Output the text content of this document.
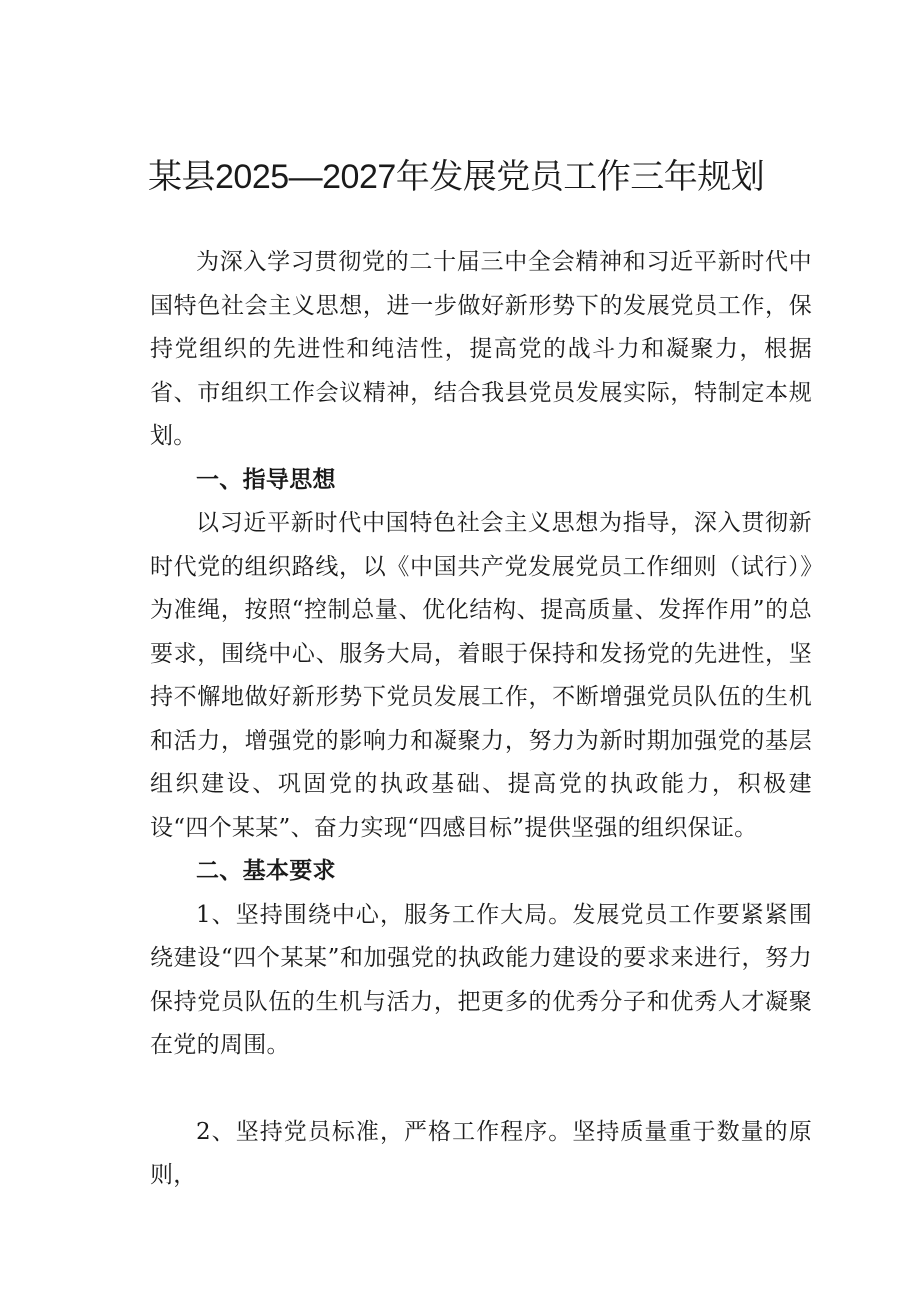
某县2025—2027年发展党员工作三年规划

为深入学习贯彻党的二十届三中全会精神和习近平新时代中国特色社会主义思想，进一步做好新形势下的发展党员工作，保持党组织的先进性和纯洁性，提高党的战斗力和凝聚力，根据省、市组织工作会议精神，结合我县党员发展实际，特制定本规划。

一、指导思想

以习近平新时代中国特色社会主义思想为指导，深入贯彻新时代党的组织路线，以《中国共产党发展党员工作细则（试行）》为准绳，按照“控制总量、优化结构、提高质量、发挥作用”的总要求，围绕中心、服务大局，着眼于保持和发扬党的先进性，坚持不懈地做好新形势下党员发展工作，不断增强党员队伍的生机和活力，增强党的影响力和凝聚力，努力为新时期加强党的基层组织建设、巩固党的执政基础、提高党的执政能力，积极建设“四个某某”、奋力实现“四感目标”提供坚强的组织保证。

二、基本要求

1、坚持围绕中心，服务工作大局。发展党员工作要紧紧围绕建设“四个某某”和加强党的执政能力建设的要求来进行，努力保持党员队伍的生机与活力，把更多的优秀分子和优秀人才凝聚在党的周围。

2、坚持党员标准，严格工作程序。坚持质量重于数量的原则，
